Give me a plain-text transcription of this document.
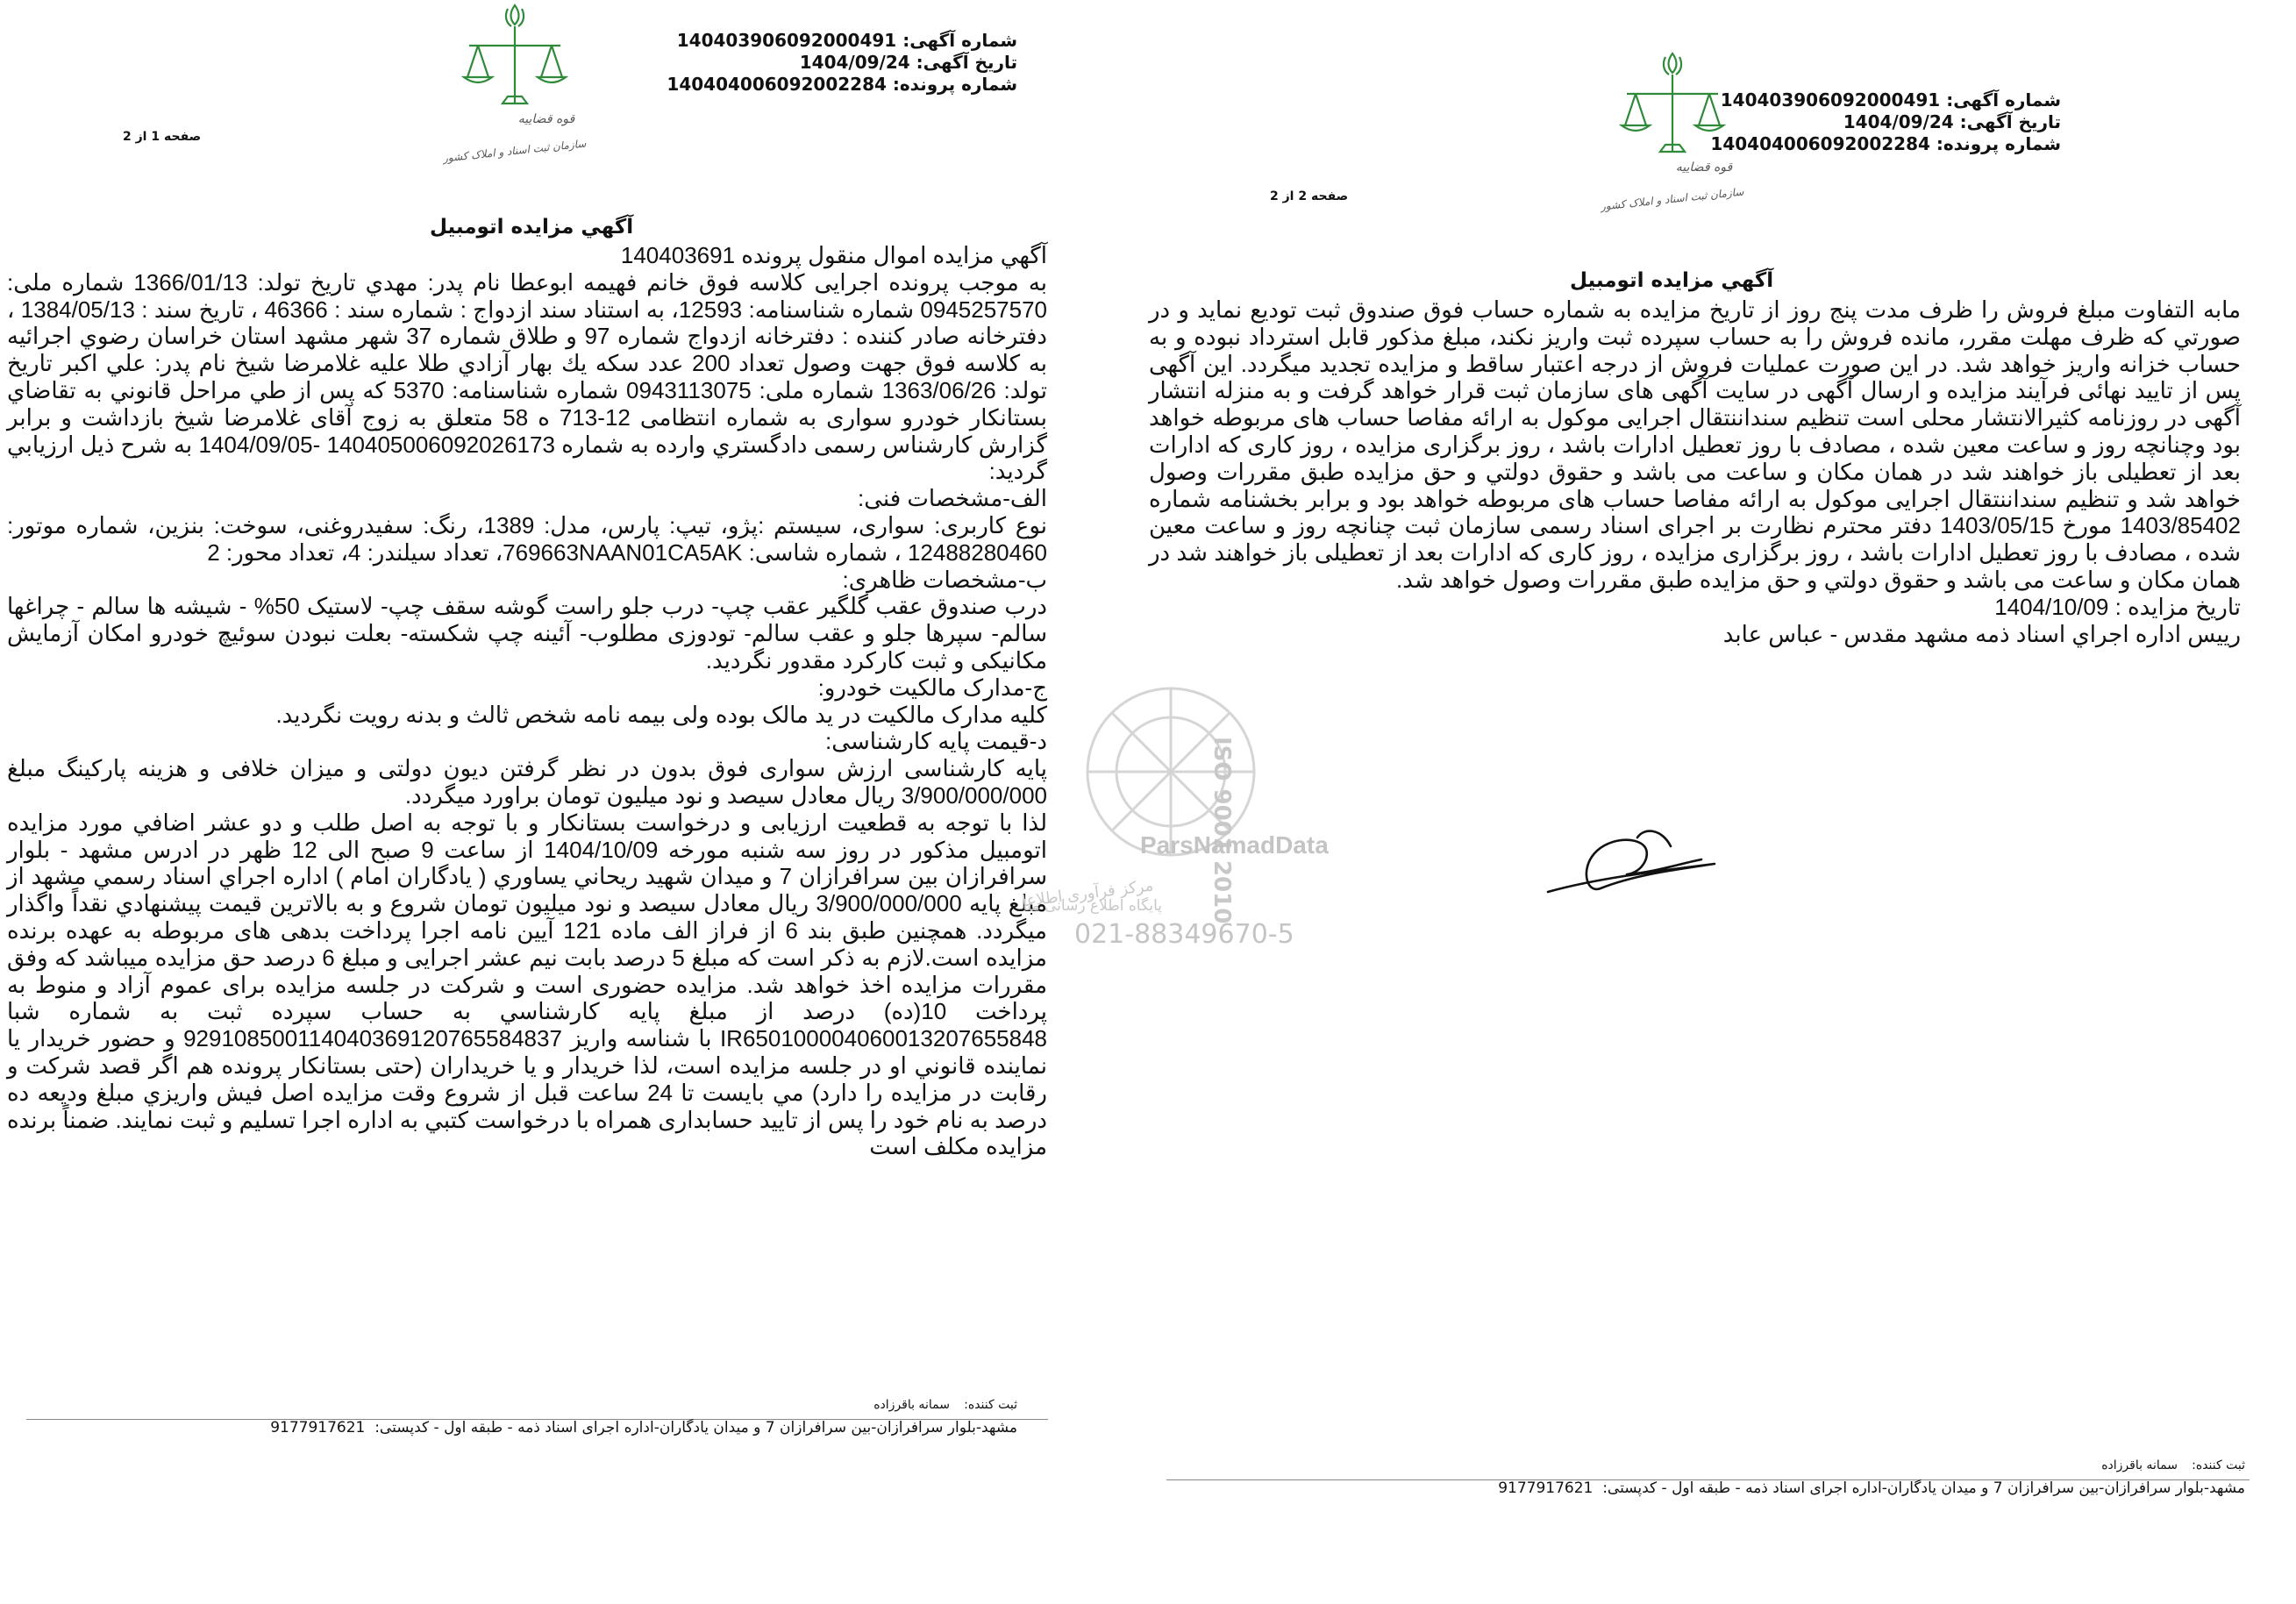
شماره آگهی: 140403906092000491
تاریخ آگهی: 1404/09/24
شماره پرونده: 140404006092002284
قوه قضاییه
سازمان ثبت اسناد و املاک کشور
صفحه 1 از 2
آگهي مزايده اتومبيل

آگهي مزايده اموال منقول پرونده 140403691

به موجب پرونده اجرايی كلاسه فوق خانم فهيمه ابوعطا نام پدر: مهدي تاريخ تولد: 1366/01/13 شماره ملی: 0945257570 شماره شناسنامه: 12593، به استناد سند ازدواج : شماره سند : 46366 ، تاريخ سند : 1384/05/13 ، دفترخانه صادر كننده : دفترخانه ازدواج شماره 97 و طلاق شماره 37 شهر مشهد استان خراسان رضوي اجرائيه به كلاسه فوق جهت وصول تعداد 200 عدد سكه يك بهار آزادي طلا عليه غلامرضا شيخ نام پدر: علي اكبر تاريخ تولد: 1363/06/26 شماره ملی: 0943113075 شماره شناسنامه: 5370 كه پس از طي مراحل قانوني به تقاضاي بستانكار خودرو سواری به شماره انتظامی 12-713 ه 58 متعلق به زوج آقای غلامرضا شيخ بازداشت و برابر گزارش كارشناس رسمی دادگستري وارده به شماره 140405006092026173 -1404/09/05 به شرح ذيل ارزيابي گرديد:

الف-مشخصات فنی:

نوع كاربری: سواری، سيستم :پژو، تيپ: پارس، مدل: 1389، رنگ: سفيدروغنی، سوخت: بنزين، شماره موتور: 12488280460 ، شماره شاسی: 769663NAAN01CA5AK، تعداد سيلندر: 4، تعداد محور: 2

ب-مشخصات ظاهری:

درب صندوق عقب گلگير عقب چپ- درب جلو راست گوشه سقف چپ- لاستيک 50% - شيشه ها سالم - چراغها سالم- سپرها جلو و عقب سالم- تودوزی مطلوب- آئينه چپ شكسته- بعلت نبودن سوئيچ خودرو امكان آزمايش مكانيكی و ثبت كاركرد مقدور نگرديد.

ج-مدارک مالكيت خودرو:

كليه مدارک مالكيت در يد مالک بوده ولی بيمه نامه شخص ثالث و بدنه رويت نگرديد.

د-قيمت پايه كارشناسی:

پايه كارشناسی ارزش سواری فوق بدون در نظر گرفتن ديون دولتی و ميزان خلافی و هزينه پاركينگ مبلغ 3/900/000/000 ريال معادل سيصد و نود ميليون تومان براورد ميگردد.

لذا با توجه به قطعيت ارزيابی و درخواست بستانكار و با توجه به اصل طلب و دو عشر اضافي مورد مزايده اتومبيل مذكور در روز سه شنبه مورخه 1404/10/09 از ساعت 9 صبح الی 12 ظهر در ادرس مشهد - بلوار سرافرازان بين سرافرازان 7 و ميدان شهيد ريحاني يساوري ( يادگاران امام ) اداره اجراي اسناد رسمي مشهد از مبلغ پايه 3/900/000/000 ريال معادل سيصد و نود ميليون تومان شروع و به بالاترين قيمت پيشنهادي نقداً واگذار ميگردد. همچنين طبق بند 6 از فراز الف ماده 121 آيين نامه اجرا پرداخت بدهی های مربوطه به عهده برنده مزايده است.لازم به ذكر است كه مبلغ 5 درصد بابت نيم عشر اجرايی و مبلغ 6 درصد حق مزايده ميباشد كه وفق مقررات مزايده اخذ خواهد شد. مزايده حضوری است و شركت در جلسه مزايده برای عموم آزاد و منوط به پرداخت 10(ده) درصد از مبلغ پايه كارشناسي به حساب سپرده ثبت به شماره شبا IR650100004060013207655848 با شناسه واريز 929108500114040369120765584837 و حضور خريدار يا نماينده قانوني او در جلسه مزايده است، لذا خريدار و يا خريداران (حتی بستانكار پرونده هم اگر قصد شركت و رقابت در مزايده را دارد) مي بايست تا 24 ساعت قبل از شروع وقت مزايده اصل فيش واريزي مبلغ وديعه ده درصد به نام خود را پس از تاييد حسابداری همراه با درخواست كتبي به اداره اجرا تسليم و ثبت نمايند. ضمناً برنده مزايده مكلف است

ثبت كننده:   سمانه باقرزاده
مشهد-بلوار سرافرازان-بین سرافرازان 7 و میدان یادگاران-اداره اجرای اسناد ذمه - طبقه اول - کدپستی:  9177917621
شماره آگهی: 140403906092000491
تاریخ آگهی: 1404/09/24
شماره پرونده: 140404006092002284
قوه قضاییه
سازمان ثبت اسناد و املاک کشور
صفحه 2 از 2
آگهي مزايده اتومبيل

مابه التفاوت مبلغ فروش را ظرف مدت پنج روز از تاريخ مزايده به شماره حساب فوق صندوق ثبت توديع نمايد و در صورتي كه ظرف مهلت مقرر، مانده فروش را به حساب سپرده ثبت واريز نكند، مبلغ مذكور قابل استرداد نبوده و به حساب خزانه واريز خواهد شد. در اين صورت عمليات فروش از درجه اعتبار ساقط و مزايده تجديد ميگردد. اين آگهی پس از تاييد نهائی فرآيند مزايده و ارسال آگهی در سايت آگهی های سازمان ثبت قرار خواهد گرفت و به منزله انتشار آگهی در روزنامه كثيرالانتشار محلی است تنظيم سنداننتقال اجرايی موكول به ارائه مفاصا حساب های مربوطه خواهد بود وچنانچه روز و ساعت معين شده ، مصادف با روز تعطيل ادارات باشد ، روز برگزاری مزايده ، روز كاری كه ادارات بعد از تعطيلی باز خواهند شد در همان مكان و ساعت می باشد و حقوق دولتي و حق مزايده طبق مقررات وصول خواهد شد و تنظيم سنداننتقال اجرايی موكول به ارائه مفاصا حساب های مربوطه خواهد بود و برابر بخشنامه شماره 1403/85402 مورخ 1403/05/15 دفتر محترم نظارت بر اجرای اسناد رسمی سازمان ثبت چنانچه روز و ساعت معين شده ، مصادف با روز تعطيل ادارات باشد ، روز برگزاری مزايده ، روز كاری كه ادارات بعد از تعطيلی باز خواهند شد در همان مكان و ساعت می باشد و حقوق دولتي و حق مزايده طبق مقررات وصول خواهد شد.

تاريخ مزايده : 1404/10/09

رييس اداره اجراي اسناد ذمه مشهد مقدس - عباس عابد

ثبت كننده:   سمانه باقرزاده
مشهد-بلوار سرافرازان-بین سرافرازان 7 و میدان یادگاران-اداره اجرای اسناد ذمه - طبقه اول - کدپستی:  9177917621
ISO 9001 2010
ParsNamadData
مرکز فرآوری اطلاعات	پایگاه اطلاع رسانی منا
021-88349670-5
